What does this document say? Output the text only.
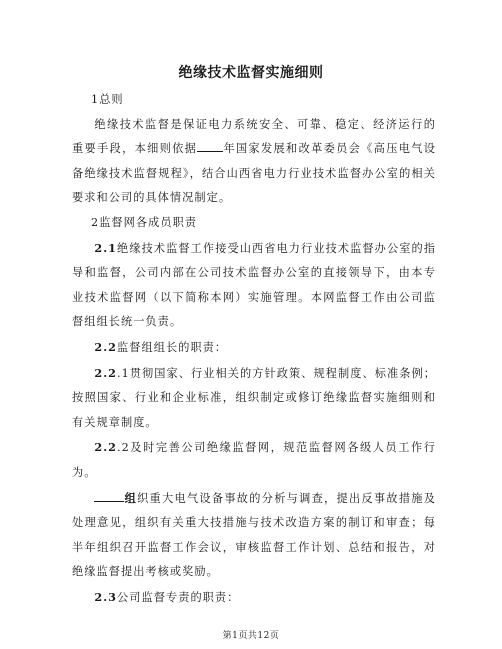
绝缘技术监督实施细则

1总则

绝缘技术监督是保证电力系统安全、可靠、稳定、经济运行的重要手段，本细则依据 年国家发展和改革委员会《高压电气设备绝缘技术监督规程》，结合山西省电力行业技术监督办公室的相关要求和公司的具体情况制定。

2监督网各成员职责

2.1绝缘技术监督工作接受山西省电力行业技术监督办公室的指导和监督，公司内部在公司技术监督办公室的直接领导下，由本专业技术监督网（以下简称本网）实施管理。本网监督工作由公司监督组组长统一负责。

2.2监督组组长的职责：

2.2.1贯彻国家、行业相关的方针政策、规程制度、标准条例；按照国家、行业和企业标准，组织制定或修订绝缘监督实施细则和有关规章制度。

2.2.2及时完善公司绝缘监督网，规范监督网各级人员工作行为。

组织重大电气设备事故的分析与调查，提出反事故措施及处理意见，组织有关重大技措施与技术改造方案的制订和审查；每半年组织召开监督工作会议，审核监督工作计划、总结和报告，对绝缘监督提出考核或奖励。

2.3公司监督专责的职责：

第1页共12页
